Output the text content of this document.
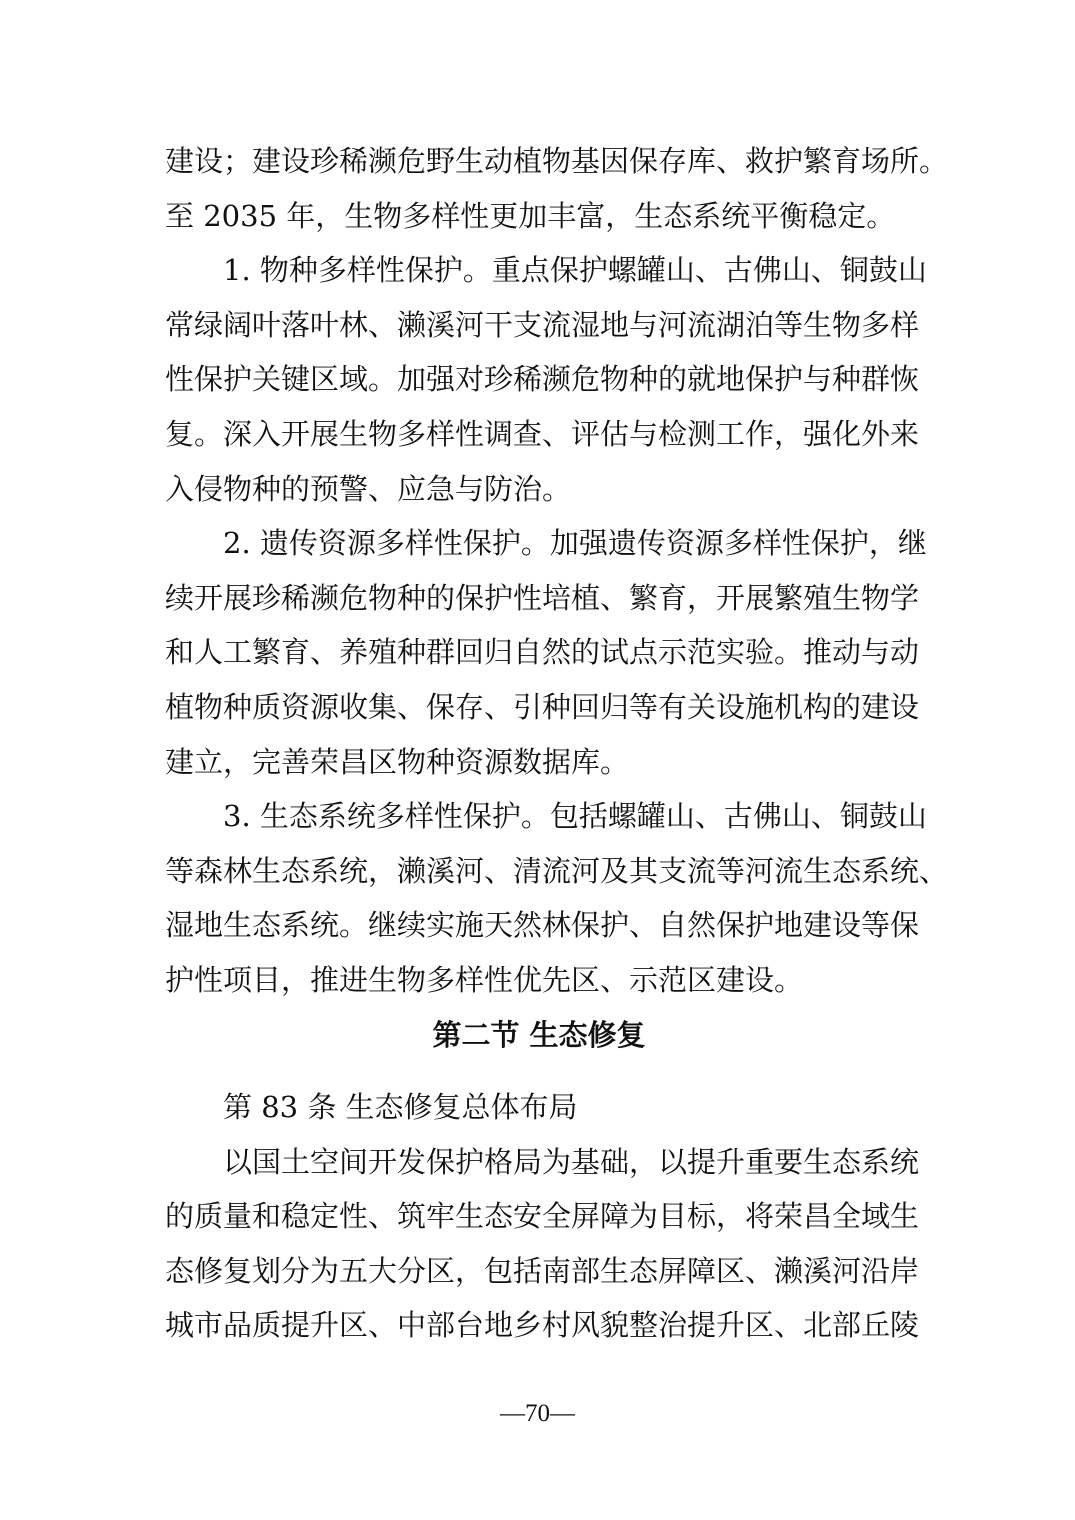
建设；建设珍稀濒危野生动植物基因保存库、救护繁育场所。
至 2035 年，生物多样性更加丰富，生态系统平衡稳定。
1. 物种多样性保护。重点保护螺罐山、古佛山、铜鼓山
常绿阔叶落叶林、濑溪河干支流湿地与河流湖泊等生物多样
性保护关键区域。加强对珍稀濒危物种的就地保护与种群恢
复。深入开展生物多样性调查、评估与检测工作，强化外来
入侵物种的预警、应急与防治。
2. 遗传资源多样性保护。加强遗传资源多样性保护，继
续开展珍稀濒危物种的保护性培植、繁育，开展繁殖生物学
和人工繁育、养殖种群回归自然的试点示范实验。推动与动
植物种质资源收集、保存、引种回归等有关设施机构的建设
建立，完善荣昌区物种资源数据库。
3. 生态系统多样性保护。包括螺罐山、古佛山、铜鼓山
等森林生态系统，濑溪河、清流河及其支流等河流生态系统、
湿地生态系统。继续实施天然林保护、自然保护地建设等保
护性项目，推进生物多样性优先区、示范区建设。
第二节 生态修复
第 83 条 生态修复总体布局
以国土空间开发保护格局为基础，以提升重要生态系统
的质量和稳定性、筑牢生态安全屏障为目标，将荣昌全域生
态修复划分为五大分区，包括南部生态屏障区、濑溪河沿岸
城市品质提升区、中部台地乡村风貌整治提升区、北部丘陵
—70—
